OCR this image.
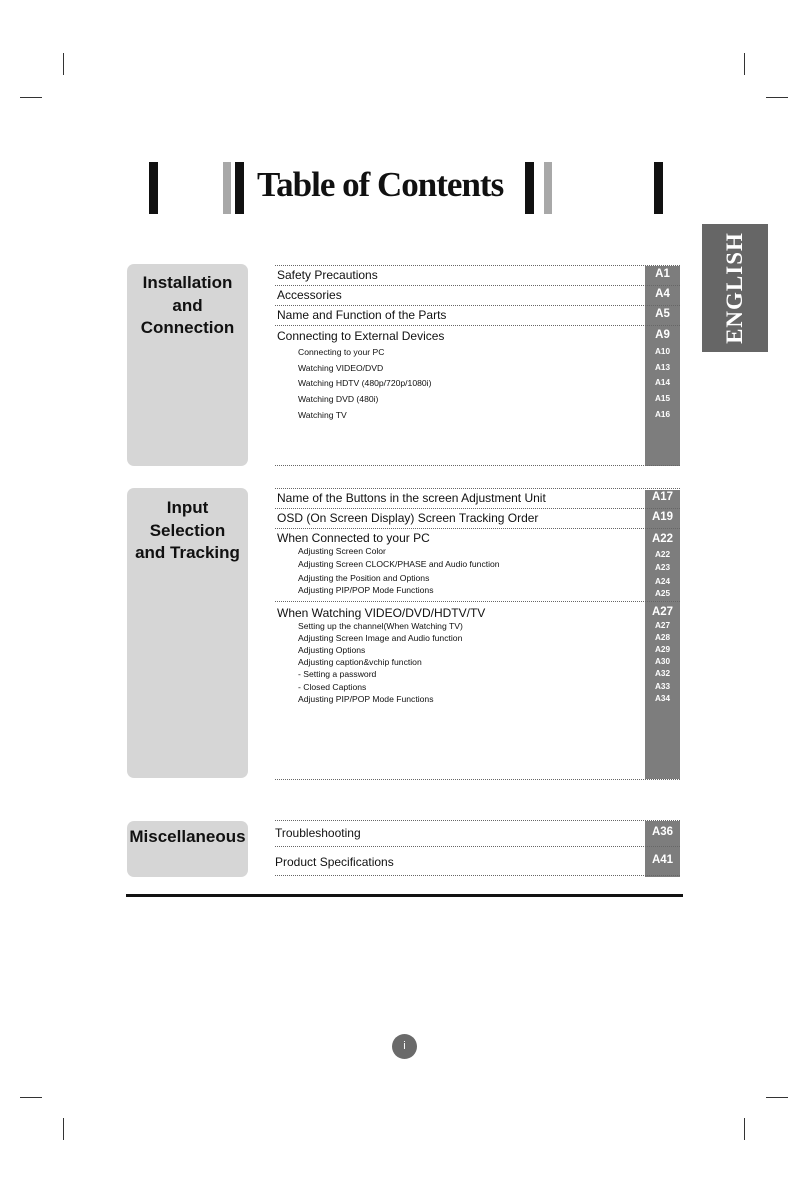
Table of Contents
ENGLISH
Installation
and
Connection
Safety Precautions	A1
Accessories	A4
Name and Function of the Parts	A5
Connecting to External Devices	A9
Connecting to your PC	A10
Watching VIDEO/DVD	A13
Watching HDTV (480p/720p/1080i)	A14
Watching DVD (480i)	A15
Watching TV	A16
Input
Selection
and Tracking
Name of the Buttons in the screen Adjustment Unit	A17
OSD (On Screen Display) Screen Tracking Order	A19
When Connected to your PC	A22
Adjusting Screen Color	A22
Adjusting Screen CLOCK/PHASE and Audio function	A23
Adjusting the Position and Options	A24
Adjusting PIP/POP Mode Functions	A25
When Watching VIDEO/DVD/HDTV/TV	A27
Setting up the channel(When Watching TV)	A27
Adjusting Screen Image and Audio function	A28
Adjusting Options	A29
Adjusting caption&vchip function	A30
- Setting a password	A32
- Closed Captions	A33
Adjusting PIP/POP Mode Functions	A34
Miscellaneous Troubleshooting	A36
Product Specifications	A41
i
